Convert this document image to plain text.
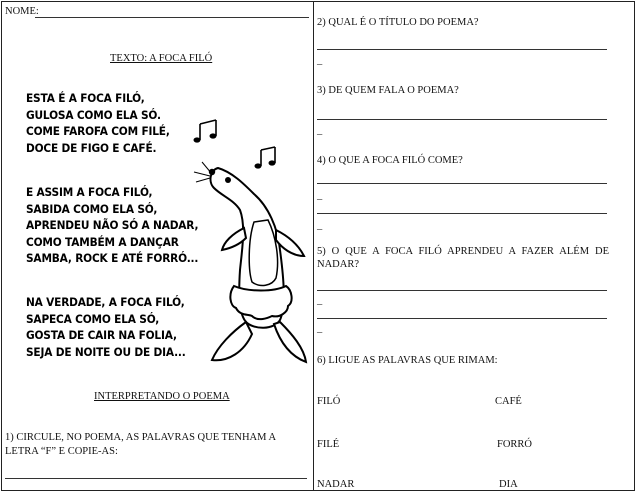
NOME:
TEXTO: A FOCA FILÓ
ESTA É A FOCA FILÓ,
GULOSA COMO ELA SÓ.
COME FAROFA COM FILÉ,
DOCE DE FIGO E CAFÉ.
E ASSIM A FOCA FILÓ,
SABIDA COMO ELA SÓ,
APRENDEU NÃO SÓ A NADAR,
COMO TAMBÉM A DANÇAR
SAMBA, ROCK E ATÉ FORRÓ...
NA VERDADE, A FOCA FILÓ,
SAPECA COMO ELA SÓ,
GOSTA DE CAIR NA FOLIA,
SEJA DE NOITE OU DE DIA...
INTERPRETANDO O POEMA
1) CIRCULE, NO POEMA, AS PALAVRAS QUE TENHAM A
LETRA “F” E COPIE-AS:
2) QUAL É O TÍTULO DO POEMA?
–
3) DE QUEM FALA O POEMA?
–
4) O QUE A FOCA FILÓ COME?
–
–
5) O QUE A FOCA FILÓ APRENDEU A FAZER ALÉM DE NADAR?
–
–
6) LIGUE AS PALAVRAS QUE RIMAM:
FILÓ
FILÉ
NADAR
CAFÉ
FORRÓ
DIA
